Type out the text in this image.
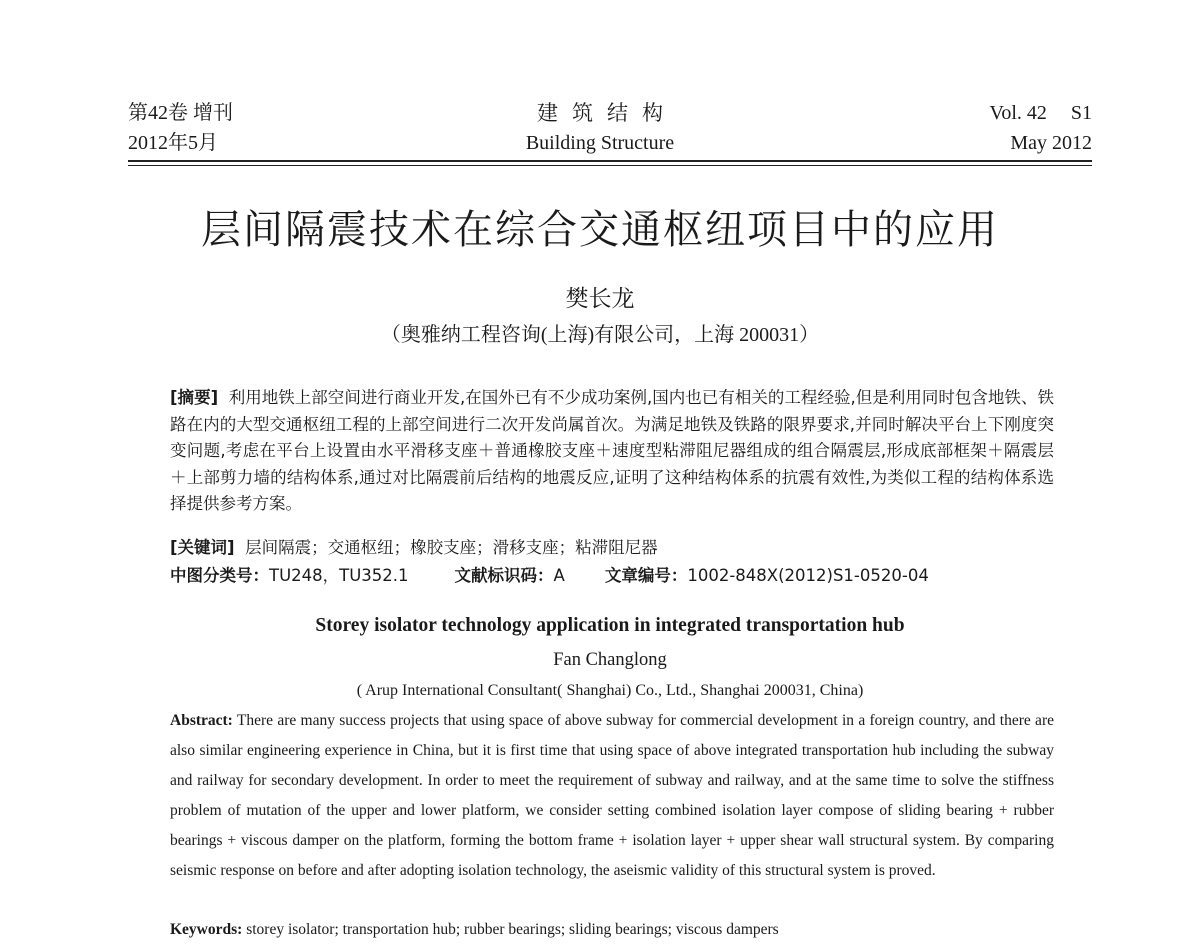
第42卷 增刊
2012年5月
建筑结构
Building Structure
Vol. 42 S1
May 2012
层间隔震技术在综合交通枢纽项目中的应用
樊长龙
（奥雅纳工程咨询(上海)有限公司，上海 200031）
[摘要] 利用地铁上部空间进行商业开发,在国外已有不少成功案例,国内也已有相关的工程经验,但是利用同时包含地铁、铁路在内的大型交通枢纽工程的上部空间进行二次开发尚属首次。为满足地铁及铁路的限界要求,并同时解决平台上下刚度突变问题,考虑在平台上设置由水平滑移支座＋普通橡胶支座＋速度型粘滞阻尼器组成的组合隔震层,形成底部框架＋隔震层＋上部剪力墙的结构体系,通过对比隔震前后结构的地震反应,证明了这种结构体系的抗震有效性,为类似工程的结构体系选择提供参考方案。
[关键词] 层间隔震；交通枢纽；橡胶支座；滑移支座；粘滞阻尼器
中图分类号：TU248，TU352.1	文献标识码：A 文章编号：1002-848X(2012)S1-0520-04
Storey isolator technology application in integrated transportation hub
Fan Changlong
( Arup International Consultant( Shanghai) Co., Ltd., Shanghai 200031, China)
Abstract: There are many success projects that using space of above subway for commercial development in a foreign country, and there are also similar engineering experience in China, but it is first time that using space of above integrated transportation hub including the subway and railway for secondary development. In order to meet the requirement of subway and railway, and at the same time to solve the stiffness problem of mutation of the upper and lower platform, we consider setting combined isolation layer compose of sliding bearing + rubber bearings + viscous damper on the platform, forming the bottom frame + isolation layer + upper shear wall structural system. By comparing seismic response on before and after adopting isolation technology, the aseismic validity of this structural system is proved.
Keywords: storey isolator; transportation hub; rubber bearings; sliding bearings; viscous dampers
